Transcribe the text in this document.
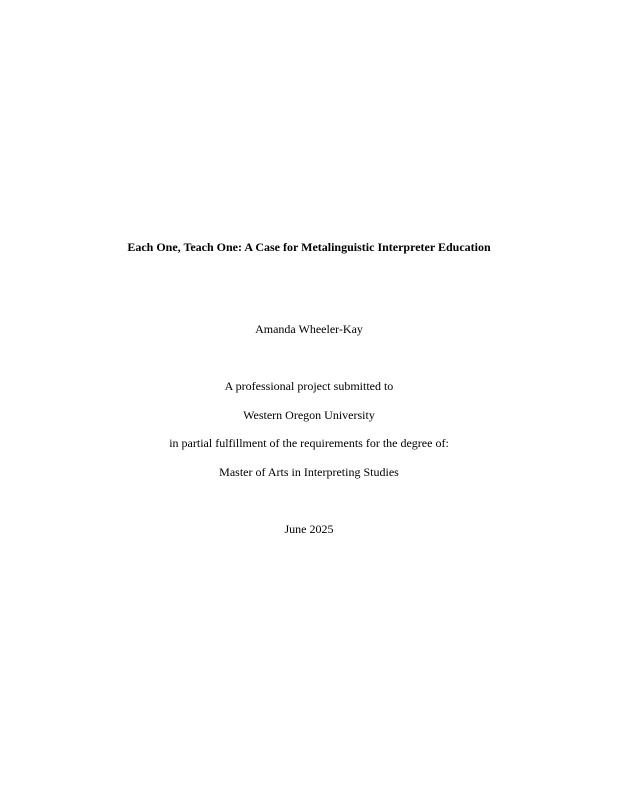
Each One, Teach One: A Case for Metalinguistic Interpreter Education
Amanda Wheeler-Kay
A professional project submitted to
Western Oregon University
in partial fulfillment of the requirements for the degree of:
Master of Arts in Interpreting Studies
June 2025
